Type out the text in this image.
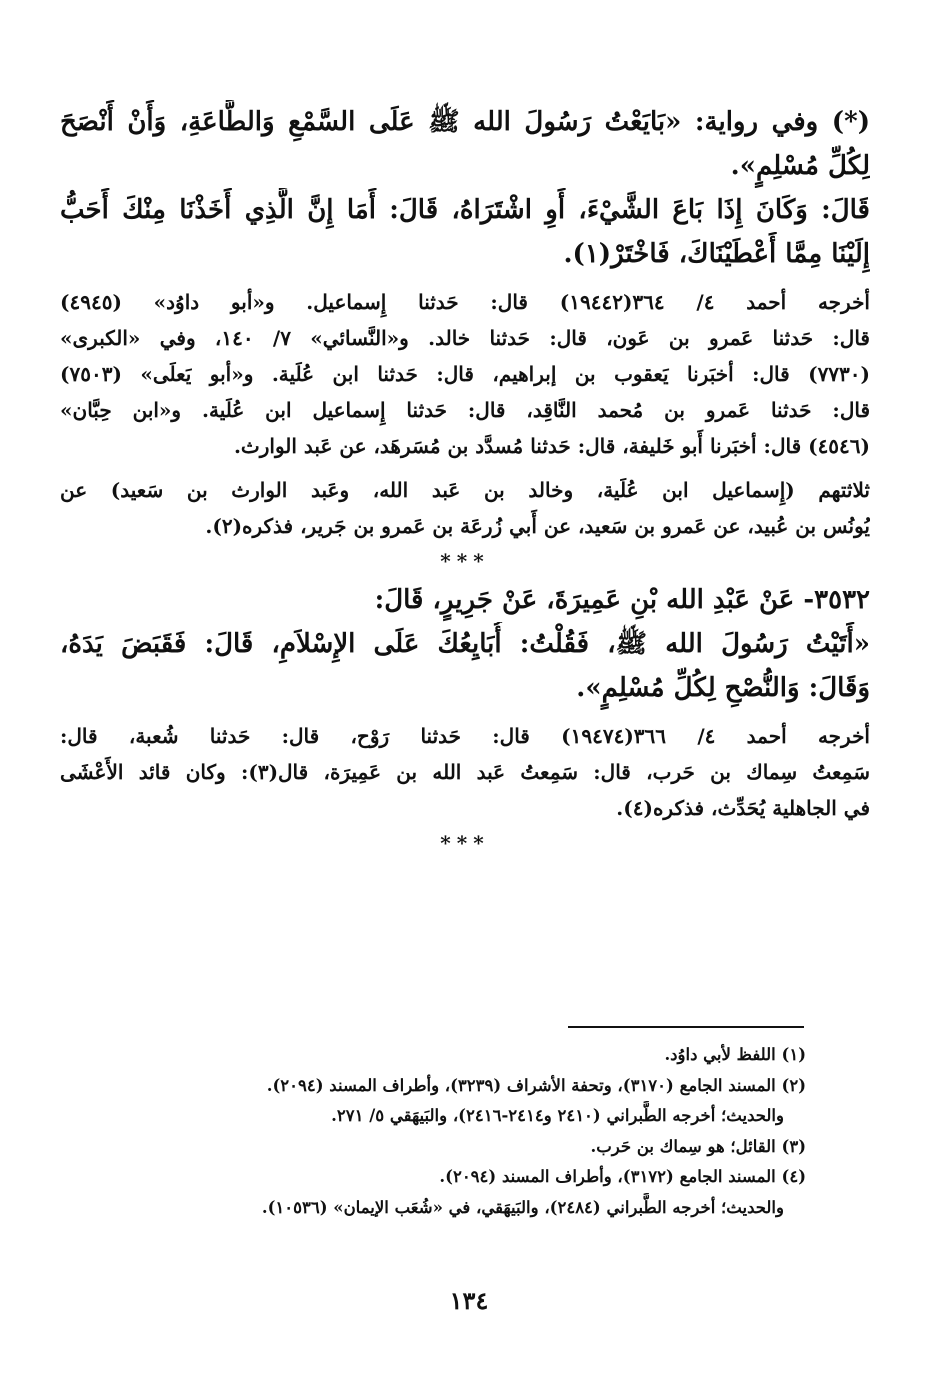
(*) وفي رواية: «بَايَعْتُ رَسُولَ الله ﷺ عَلَى السَّمْعِ وَالطَّاعَةِ، وَأَنْ أَنْصَحَ
لِكُلِّ مُسْلِمٍ».
قَالَ: وَكَانَ إِذَا بَاعَ الشَّيْءَ، أَوِ اشْتَرَاهُ، قَالَ: أَمَا إِنَّ الَّذِي أَخَذْنَا مِنْكَ أَحَبُّ
إِلَيْنَا مِمَّا أَعْطَيْنَاكَ، فَاخْتَرْ(١).
أخرجه أحمد ٤/ ٣٦٤(١٩٤٤٢) قال: حَدثنا إِسماعيل. و«أبو داوُد» (٤٩٤٥)
قال: حَدثنا عَمرو بن عَون، قال: حَدثنا خالد. و«النَّسائي» ٧/ ١٤٠، وفي «الكبرى»
(٧٧٣٠) قال: أخبَرنا يَعقوب بن إبراهيم، قال: حَدثنا ابن عُلَية. و«أبو يَعلَى» (٧٥٠٣)
قال: حَدثنا عَمرو بن مُحمد النَّاقِد، قال: حَدثنا إِسماعيل ابن عُلَية. و«ابن حِبَّان»
(٤٥٤٦) قال: أخبَرنا أَبو خَليفة، قال: حَدثنا مُسدَّد بن مُسَرهَد، عن عَبد الوارث.
ثلاثتهم (إِسماعيل ابن عُلَية، وخالد بن عَبد الله، وعَبد الوارث بن سَعيد) عن
يُونُس بن عُبيد، عن عَمرو بن سَعيد، عن أَبي زُرعَة بن عَمرو بن جَرير، فذكره(٢).
***
٣٥٣٢- عَنْ عَبْدِ الله بْنِ عَمِيرَةَ، عَنْ جَرِيرٍ، قَالَ:
«أَتَيْتُ رَسُولَ الله ﷺ، فَقُلْتُ: أُبَايِعُكَ عَلَى الإِسْلاَمِ، قَالَ: فَقَبَضَ يَدَهُ،
وَقَالَ: وَالنُّصْحِ لِكُلِّ مُسْلِمٍ».
أخرجه أحمد ٤/ ٣٦٦(١٩٤٧٤) قال: حَدثنا رَوْح، قال: حَدثنا شُعبة، قال:
سَمِعتُ سِماك بن حَرب، قال: سَمِعتُ عَبد الله بن عَمِيرَة، قال(٣): وكان قائد الأَعْشَى
في الجاهلية يُحَدِّث، فذكره(٤).
***
(١) اللفظ لأبي داوُد.
(٢) المسند الجامع (٣١٧٠)، وتحفة الأشراف (٣٢٣٩)، وأطراف المسند (٢٠٩٤).
والحديث؛ أخرجه الطَّبراني (٢٤١٠ و٢٤١٤-٢٤١٦)، والبَيهَقي ٥/ ٢٧١.
(٣) القائل؛ هو سِماك بن حَرب.
(٤) المسند الجامع (٣١٧٢)، وأطراف المسند (٢٠٩٤).
والحديث؛ أخرجه الطَّبراني (٢٤٨٤)، والبَيهَقي، في «شُعَب الإيمان» (١٠٥٣٦).
١٣٤
